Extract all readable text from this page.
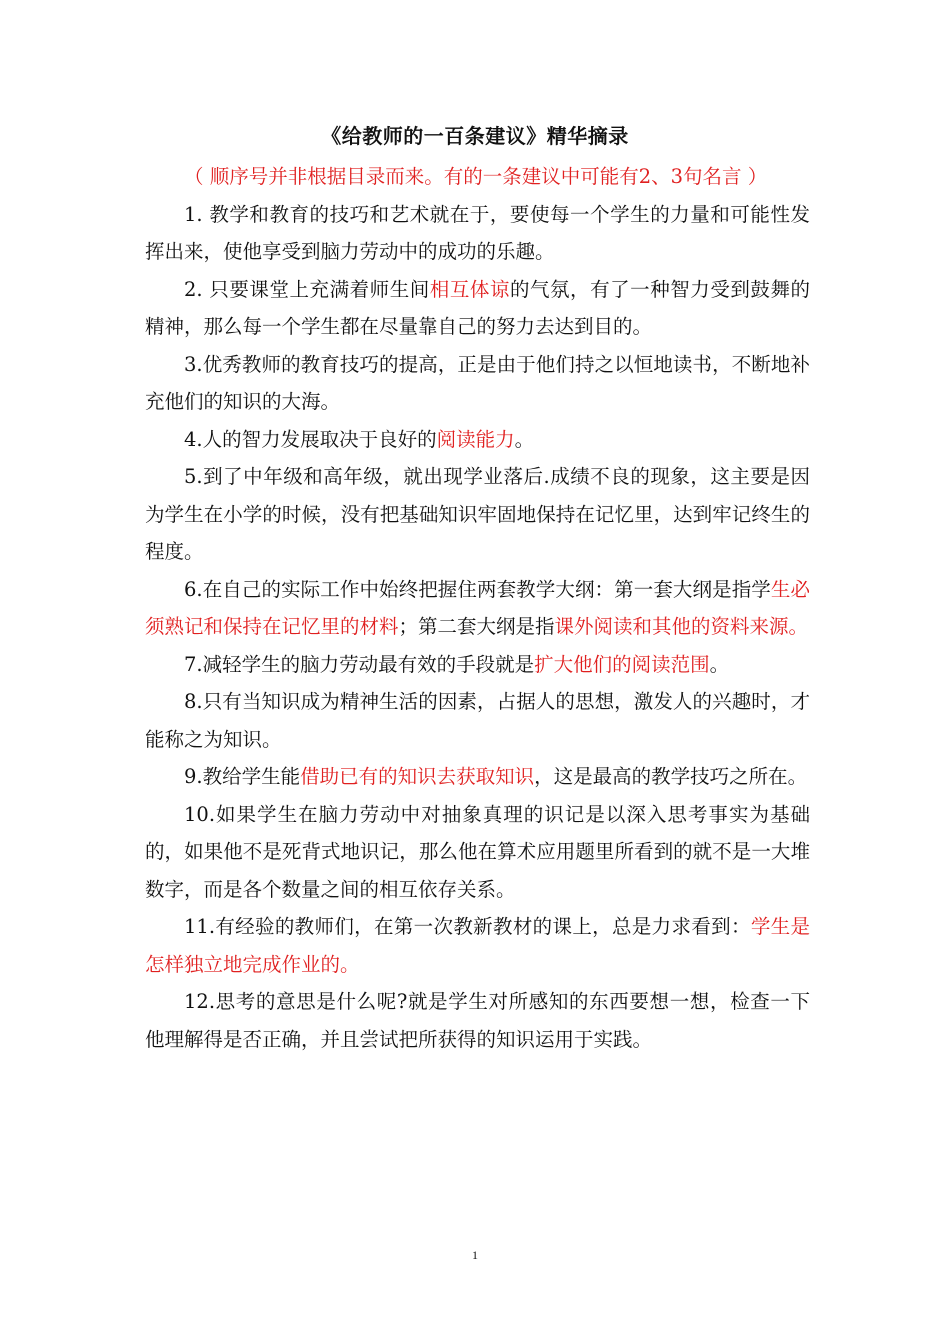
《给教师的一百条建议》精华摘录

（ 顺序号并非根据目录而来。有的一条建议中可能有2、3句名言 ）

1. 教学和教育的技巧和艺术就在于，要使每一个学生的力量和可能性发挥出来，使他享受到脑力劳动中的成功的乐趣。

2. 只要课堂上充满着师生间相互体谅的气氛，有了一种智力受到鼓舞的精神，那么每一个学生都在尽量靠自己的努力去达到目的。

3.优秀教师的教育技巧的提高，正是由于他们持之以恒地读书，不断地补充他们的知识的大海。

4.人的智力发展取决于良好的阅读能力。

5.到了中年级和高年级，就出现学业落后.成绩不良的现象，这主要是因为学生在小学的时候，没有把基础知识牢固地保持在记忆里，达到牢记终生的程度。

6.在自己的实际工作中始终把握住两套教学大纲：第一套大纲是指学生必须熟记和保持在记忆里的材料；第二套大纲是指课外阅读和其他的资料来源。

7.减轻学生的脑力劳动最有效的手段就是扩大他们的阅读范围。

8.只有当知识成为精神生活的因素，占据人的思想，激发人的兴趣时，才能称之为知识。

9.教给学生能借助已有的知识去获取知识，这是最高的教学技巧之所在。

10.如果学生在脑力劳动中对抽象真理的识记是以深入思考事实为基础的，如果他不是死背式地识记，那么他在算术应用题里所看到的就不是一大堆数字，而是各个数量之间的相互依存关系。

11.有经验的教师们，在第一次教新教材的课上，总是力求看到：学生是怎样独立地完成作业的。

12.思考的意思是什么呢?就是学生对所感知的东西要想一想，检查一下他理解得是否正确，并且尝试把所获得的知识运用于实践。

1
